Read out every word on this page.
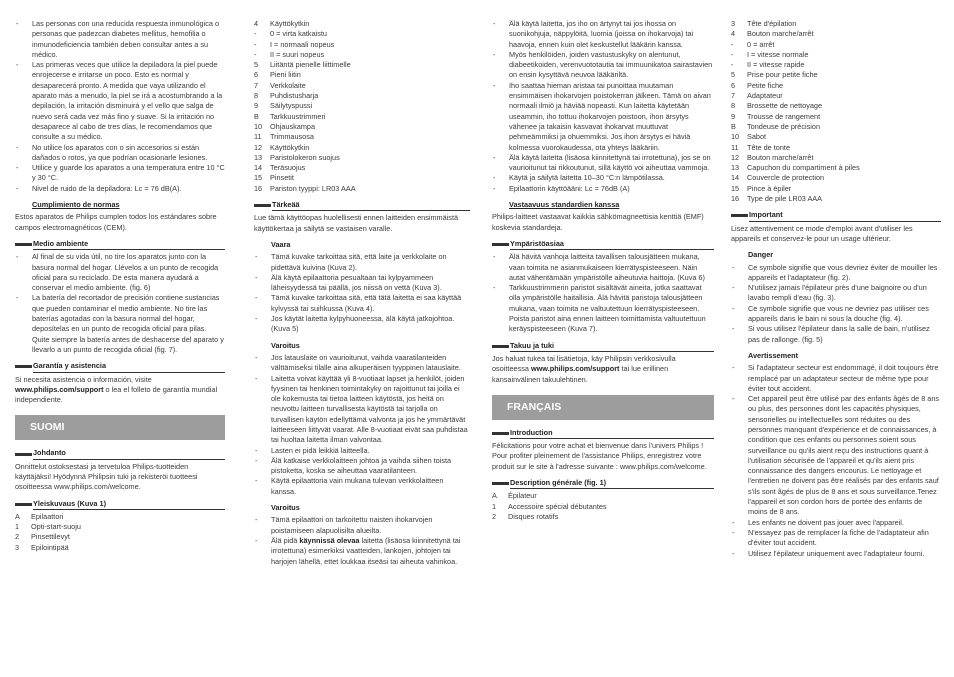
- Las personas con una reducida respuesta inmunológica o personas que padezcan diabetes mellitus, hemofilia o inmunodeficiencia también deben consultar antes a su médico.
- Las primeras veces que utilice la depiladora la piel puede enrojecerse e irritarse un poco. Esto es normal y desaparecerá pronto. A medida que vaya utilizando el aparato más a menudo, la piel se irá a acostumbrando a la depilación, la irritación disminuirá y el vello que salga de nuevo será cada vez más fino y suave. Si la irritación no desaparece al cabo de tres días, le recomendamos que consulte a su médico.
- No utilice los aparatos con o sin accesorios si están dañados o rotos, ya que podrían ocasionarle lesiones.
- Utilice y guarde los aparatos a una temperatura entre 10 °C y 30 °C.
- Nivel de ruido de la depiladora: Lc = 76 dB(A).
Cumplimiento de normas

Estos aparatos de Philips cumplen todos los estándares sobre campos electromagnéticos (CEM).

Medio ambiente
- Al final de su vida útil, no tire los aparatos junto con la basura normal del hogar. Llévelos a un punto de recogida oficial para su reciclado. De esta manera ayudará a conservar el medio ambiente. (fig. 6)
- La batería del recortador de precisión contiene sustancias que pueden contaminar el medio ambiente. No tire las baterías agotadas con la basura normal del hogar, deposítelas en un punto de recogida oficial para pilas. Quite siempre la batería antes de deshacerse del aparato y llevarlo a un punto de recogida oficial (fig. 7).
Garantía y asistencia

Si necesita asistencia o información, visite www.philips.com/support o lea el folleto de garantía mundial independiente.

SUOMI
Johdanto

Onnittelut ostoksestasi ja tervetuloa Philips-tuotteiden käyttäjäksi! Hyödynnä Philipsin tuki ja rekisteröi tuotteesi osoitteessa www.philips.com/welcome.

Yleiskuvaus (Kuva 1)
A	Epilaattori
1	Opti-start-suoju
2	Pinsettilevyt
3	Epilointipää
4	Käyttökytkin
-	0 = virta katkaistu
-	I = normaali nopeus
-	II = suuri nopeus
5	Liitäntä pienelle liittimelle
6	Pieni liitin
7	Verkkolaite
8	Puhdistusharja
9	Säilytyspussi
B	Tarkkuustrimmeri
10	Ohjauskampa
11	Trimmausosa
12	Käyttökytkin
13	Paristolokeron suojus
14	Teräsuojus
15	Pinsetit
16	Pariston tyyppi: LR03 AAA
Tärkeää

Lue tämä käyttöopas huolellisesti ennen laitteiden ensimmäistä käyttökertaa ja säilytä se vastaisen varalle.

Vaara
- Tämä kuvake tarkoittaa sitä, että laite ja verkkolaite on pidettävä kuivina (Kuva 2).
- Älä käytä epilaattoria pesualtaan tai kylpyammeen läheisyydessä tai päällä, jos niissä on vettä (Kuva 3).
- Tämä kuvake tarkoittaa sitä, että tätä laitetta ei saa käyttää kylvyssä tai suihkussa (Kuva 4).
- Jos käytät laitetta kylpyhuoneessa, älä käytä jatkojohtoa. (Kuva 5)
Varoitus
- Jos latauslaite on vaurioitunut, vaihda vaaratilanteiden välttämiseksi tilalle aina alkuperäisen tyyppinen latauslaite.
- Laitetta voivat käyttää yli 8-vuotiaat lapset ja henkilöt, joiden fyysinen tai henkinen toimintakyky on rajoittunut tai joilla ei ole kokemusta tai tietoa laitteen käytöstä, jos heitä on neuvottu laitteen turvallisesta käytöstä tai tarjolla on turvallisen käytön edellyttämä valvonta ja jos he ymmärtävät laitteeseen liittyvät vaarat. Alle 8-vuotiaat eivät saa puhdistaa tai huoltaa laitetta ilman valvontaa.
- Lasten ei pidä leikkiä laitteella.
- Älä katkaise verkkolaitteen johtoa ja vaihda siihen toista pistoketta, koska se aiheuttaa vaaratilanteen.
- Käytä epilaattoria vain mukana tulevan verkkolaitteen kanssa.
Varoitus
- Tämä epilaattori on tarkoitettu naisten ihokarvojen poistamiseen alapuolisilta alueilta.
- Älä pidä käynnissä olevaa laitetta (lisäosa kiinnitettynä tai irrotettuna) esimerkiksi vaatteiden, lankojen, johtojen tai harjojen lähellä, ettet loukkaa itseäsi tai aiheuta vahinkoa.
- Älä käytä laitetta, jos iho on ärtynyt tai jos ihossa on suonikohjuja, näppylöitä, luomia (joissa on ihokarvoja) tai haavoja, ennen kuin olet keskustellut lääkärin kanssa.
- Myös henkilöiden, joiden vastustuskyky on alentunut, diabeetikoiden, verenvuototautia tai immuunikatoa sairastavien on ensin kysyttävä neuvoa lääkäriltä.
- Iho saattaa hieman aristaa tai punoittaa muutaman ensimmäisen ihokarvojen poistokerran jälkeen. Tämä on aivan normaali ilmiö ja häviää nopeasti. Kun laitetta käytetään useammin, iho tottuu ihokarvojen poistoon, ihon ärsytys vähenee ja takaisin kasvavat ihokarvat muuttuvat pehmeämmiksi ja ohuemmiksi. Jos ihon ärsytys ei häviä kolmessa vuorokaudessa, ota yhteys lääkäriin.
- Älä käytä laitetta (lisäosa kiinnitettynä tai irrotettuna), jos se on vaurioitunut tai rikkoutunut, sillä käyttö voi aiheuttaa vammoja.
- Käytä ja säilytä laitetta 10–30 °C:n lämpötilassa.
- Epilaattorin käyttöääni: Lc = 76dB (A)
Vastaavuus standardien kanssa

Philips-laitteet vastaavat kaikkia sähkömagneettisia kenttiä (EMF) koskevia standardeja.

Ympäristöasiaa
- Älä hävitä vanhoja laitteita tavallisen talousjätteen mukana, vaan toimita ne asianmukaiseen kierrätyspisteeseen. Näin autat vähentämään ympäristölle aiheutuvia haittoja. (Kuva 6)
- Tarkkuustrimmerin paristot sisältävät aineita, jotka saattavat olla ympäristölle haitallisia. Älä hävitä paristoja talousjätteen mukana, vaan toimita ne valtuutettuun kierrätyspisteeseen. Poista paristot aina ennen laitteen toimittamista valtuutettuun keräyspisteeseen (Kuva 7).
Takuu ja tuki

Jos haluat tukea tai lisätietoja, käy Philipsin verkkosivulla osoitteessa www.philips.com/support tai lue erillinen kansainvälinen takuulehtinen.

FRANÇAIS
Introduction

Félicitations pour votre achat et bienvenue dans l'univers Philips ! Pour profiter pleinement de l'assistance Philips, enregistrez votre produit sur le site à l'adresse suivante : www.philips.com/welcome.

Description générale (fig. 1)
A	Épilateur
1	Accessoire spécial débutantes
2	Disques rotatifs
3	Tête d'épilation
4	Bouton marche/arrêt
-	0 = arrêt
-	I = vitesse normale
-	II = vitesse rapide
5	Prise pour petite fiche
6	Petite fiche
7	Adaptateur
8	Brossette de nettoyage
9	Trousse de rangement
B	Tondeuse de précision
10	Sabot
11	Tête de tonte
12	Bouton marche/arrêt
13	Capuchon du compartiment à piles
14	Couvercle de protection
15	Pince à épiler
16	Type de pile LR03 AAA
Important

Lisez attentivement ce mode d'emploi avant d'utiliser les appareils et conservez-le pour un usage ultérieur.

Danger
- Ce symbole signifie que vous devriez éviter de mouiller les appareils et l'adaptateur (fig. 2).
- N'utilisez jamais l'épilateur près d'une baignoire ou d'un lavabo rempli d'eau (fig. 3).
- Ce symbole signifie que vous ne devriez pas utiliser ces appareils dans le bain ni sous la douche (fig. 4).
- Si vous utilisez l'épilateur dans la salle de bain, n'utilisez pas de rallonge. (fig. 5)
Avertissement
- Si l'adaptateur secteur est endommagé, il doit toujours être remplacé par un adaptateur secteur de même type pour éviter tout accident.
- Cet appareil peut être utilisé par des enfants âgés de 8 ans ou plus, des personnes dont les capacités physiques, sensorielles ou intellectuelles sont réduites ou des personnes manquant d'expérience et de connaissances, à condition que ces enfants ou personnes soient sous surveillance ou qu'ils aient reçu des instructions quant à l'utilisation sécurisée de l'appareil et qu'ils aient pris connaissance des dangers encourus. Le nettoyage et l'entretien ne doivent pas être réalisés par des enfants sauf s'ils sont âgés de plus de 8 ans et sous surveillance.Tenez l'appareil et son cordon hors de portée des enfants de moins de 8 ans.
- Les enfants ne doivent pas jouer avec l'appareil.
- N'essayez pas de remplacer la fiche de l'adaptateur afin d'éviter tout accident.
- Utilisez l'épilateur uniquement avec l'adaptateur fourni.
